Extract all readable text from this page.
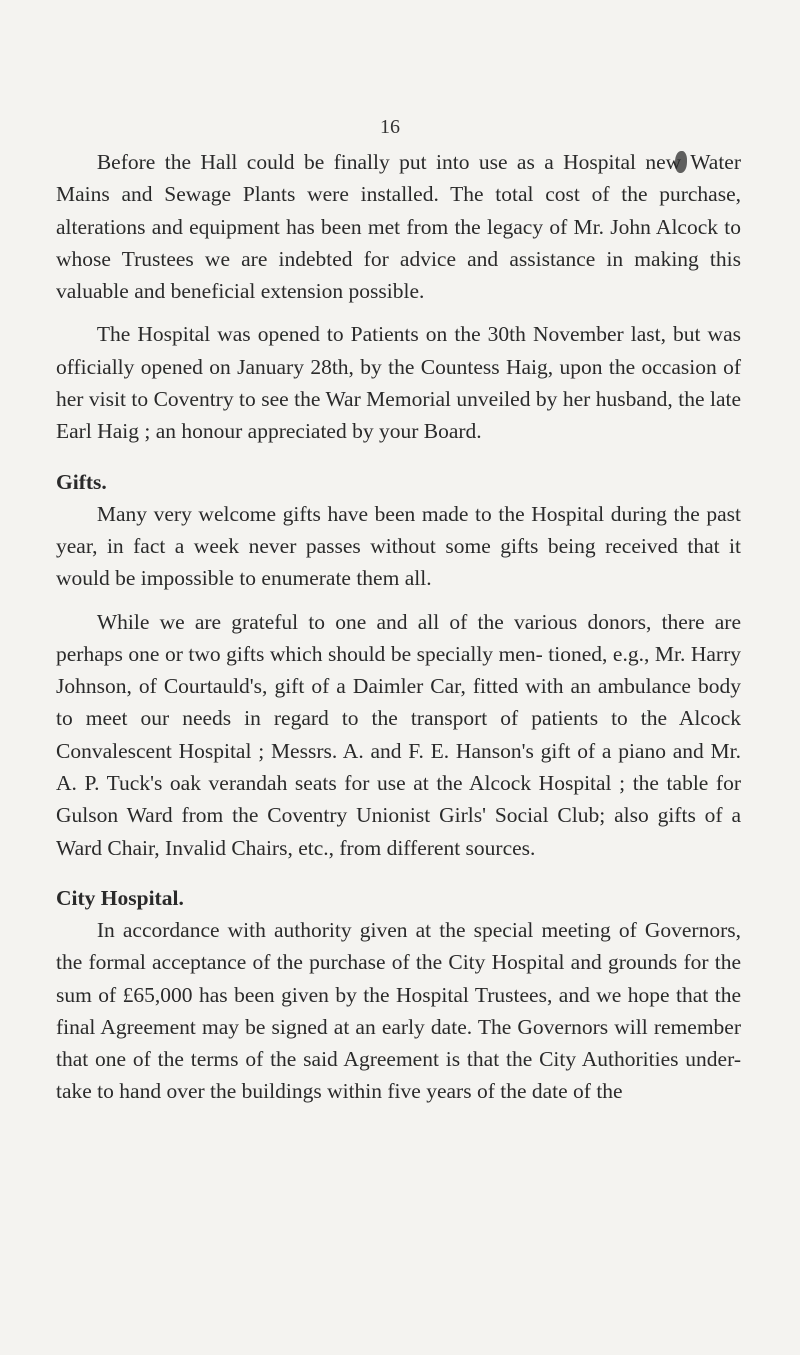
16

Before the Hall could be finally put into use as a Hospital new Water Mains and Sewage Plants were installed. The total cost of the purchase, alterations and equipment has been met from the legacy of Mr. John Alcock to whose Trustees we are indebted for advice and assistance in making this valuable and beneficial extension possible.

The Hospital was opened to Patients on the 30th November last, but was officially opened on January 28th, by the Countess Haig, upon the occasion of her visit to Coventry to see the War Memorial unveiled by her husband, the late Earl Haig ; an honour appreciated by your Board.

Gifts.

Many very welcome gifts have been made to the Hospital during the past year, in fact a week never passes without some gifts being received that it would be impossible to enumerate them all.

While we are grateful to one and all of the various donors, there are perhaps one or two gifts which should be specially men- tioned, e.g., Mr. Harry Johnson, of Courtauld's, gift of a Daimler Car, fitted with an ambulance body to meet our needs in regard to the transport of patients to the Alcock Convalescent Hospital ; Messrs. A. and F. E. Hanson's gift of a piano and Mr. A. P. Tuck's oak verandah seats for use at the Alcock Hospital ; the table for Gulson Ward from the Coventry Unionist Girls' Social Club; also gifts of a Ward Chair, Invalid Chairs, etc., from different sources.

City Hospital.

In accordance with authority given at the special meeting of Governors, the formal acceptance of the purchase of the City Hospital and grounds for the sum of £65,000 has been given by the Hospital Trustees, and we hope that the final Agreement may be signed at an early date. The Governors will remember that one of the terms of the said Agreement is that the City Authorities under- take to hand over the buildings within five years of the date of the
